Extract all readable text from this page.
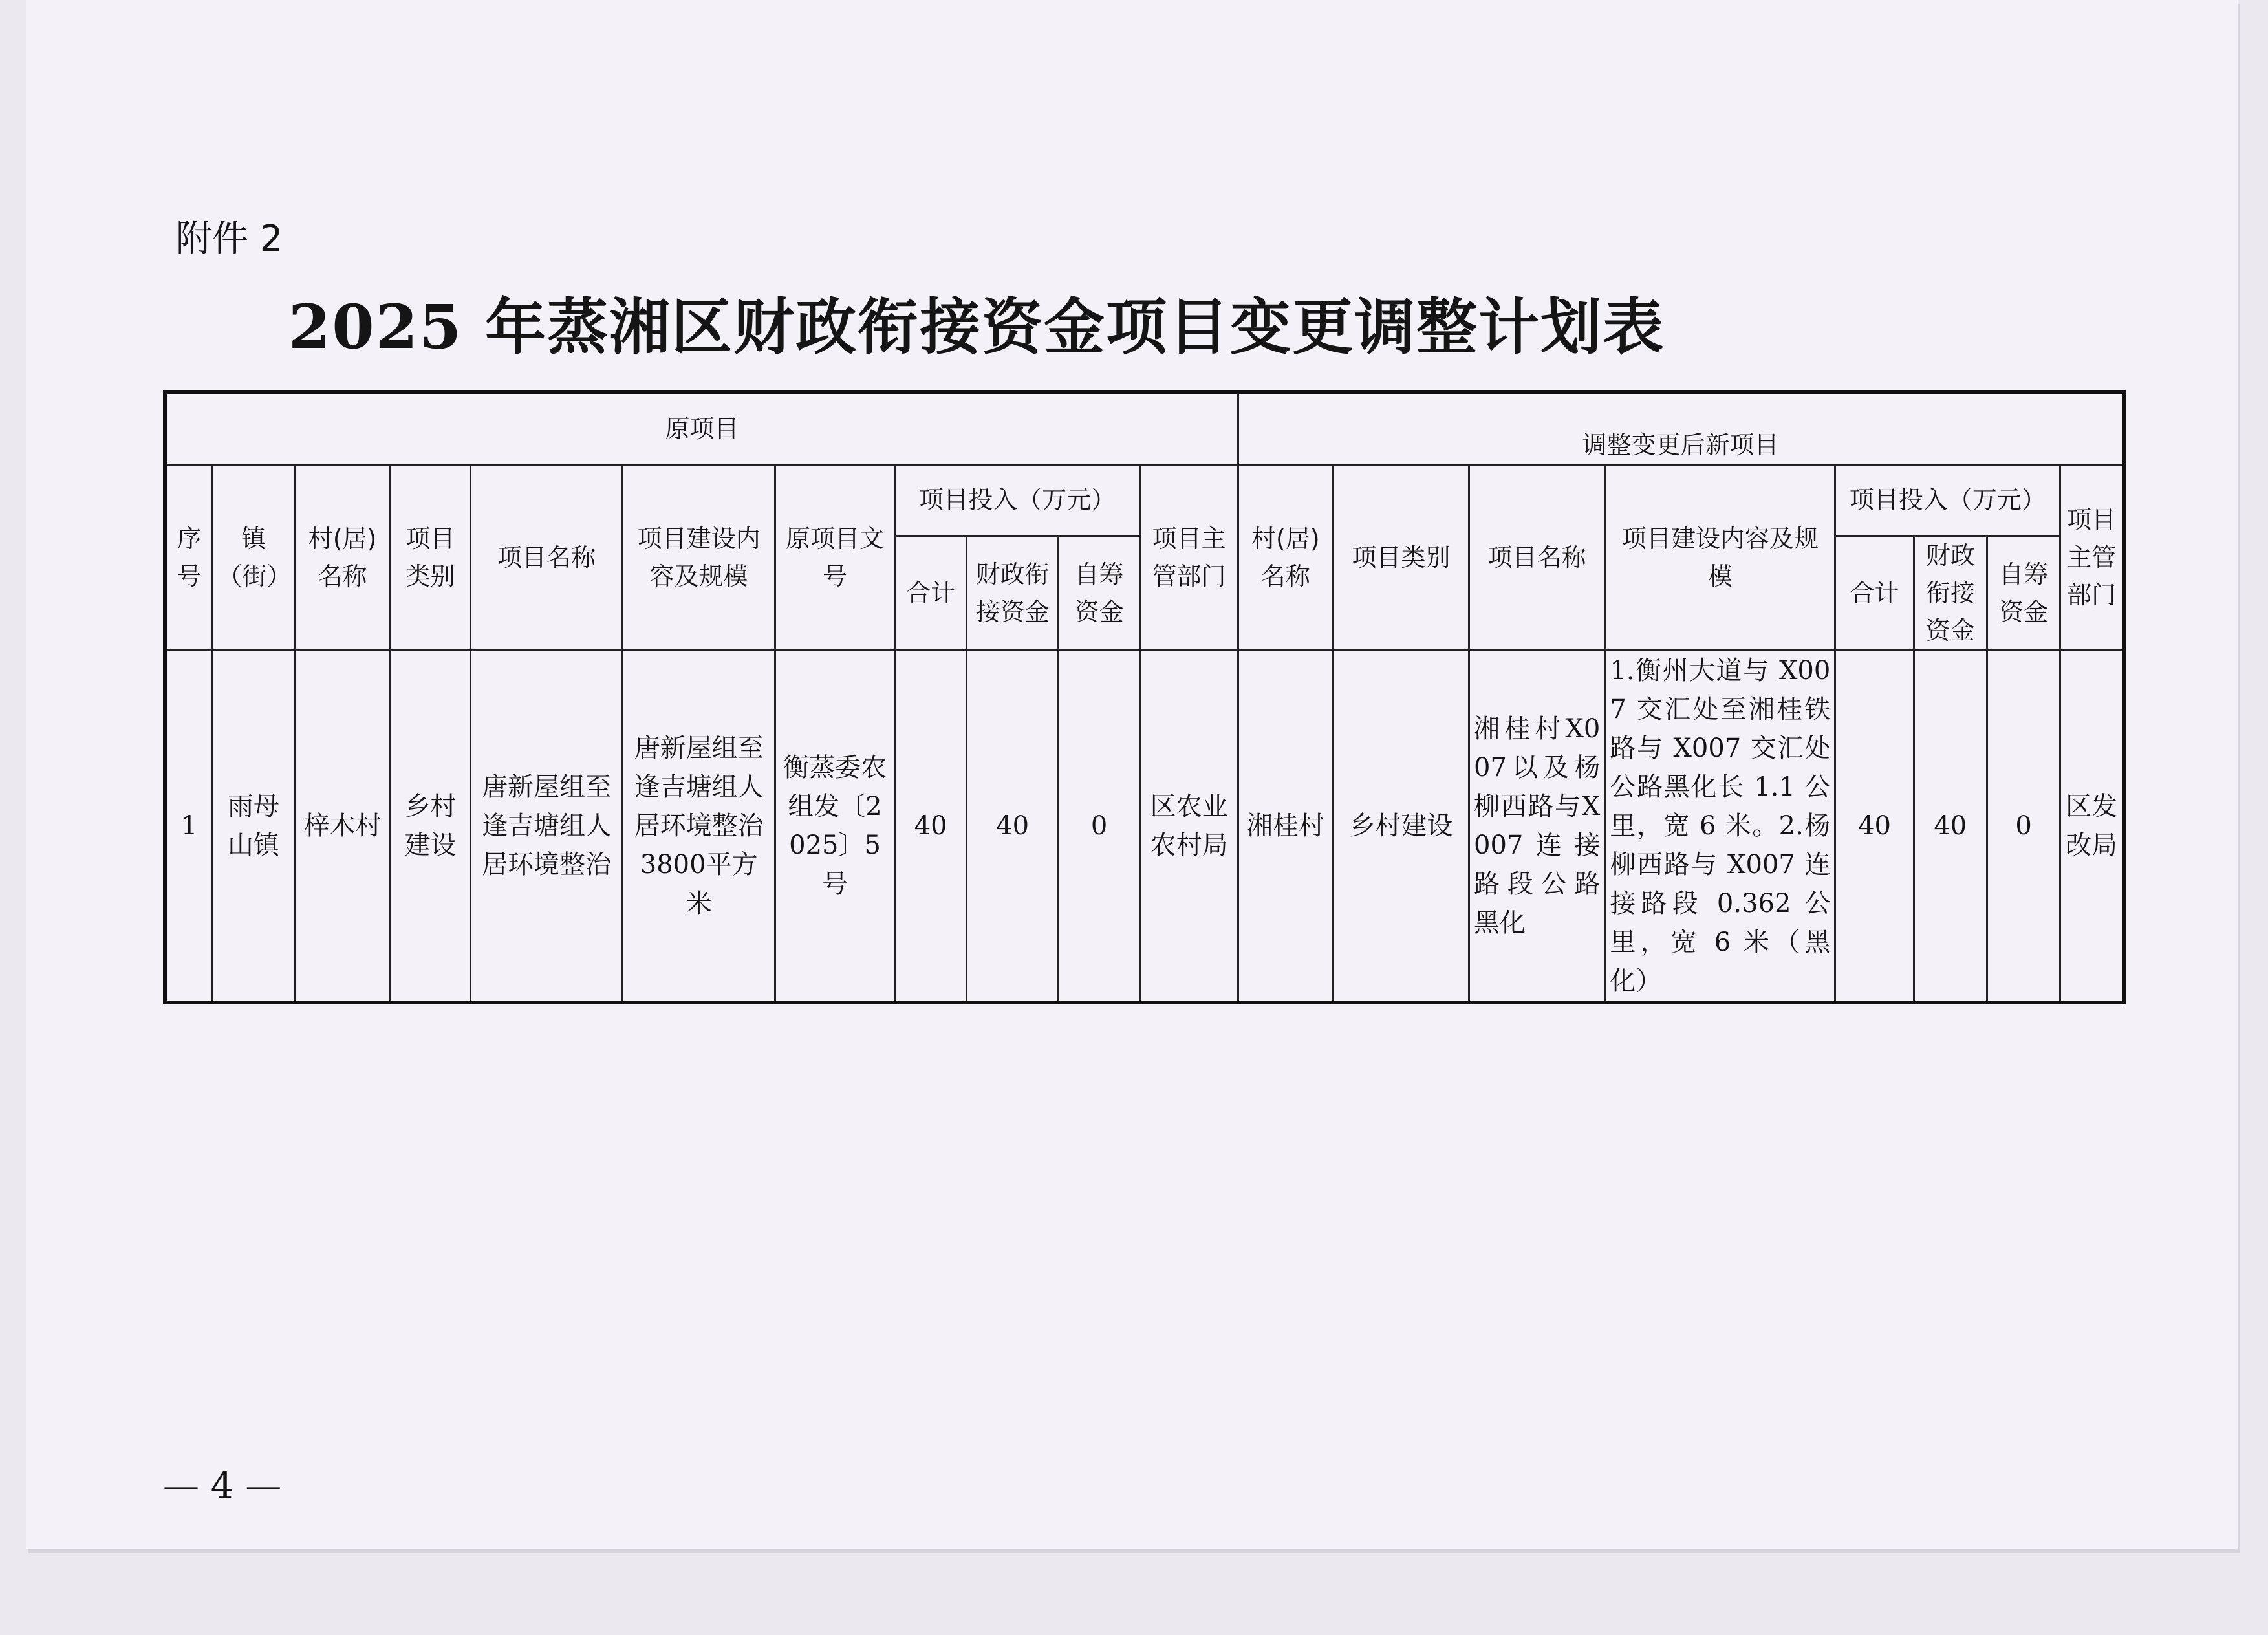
附件 2
2025 年蒸湘区财政衔接资金项目变更调整计划表
原项目											调整变更后新项目							
序号	镇（街）	村(居)名称	项目类别	项目名称	项目建设内容及规模	原项目文号	项目投入（万元）			项目主管部门	村(居)名称	项目类别	项目名称	项目建设内容及规模	项目投入（万元）			项目主管部门
							合计	财政衔接资金	自筹资金						合计	财政衔接资金	自筹资金	
1	雨母山镇	梓木村	乡村建设	唐新屋组至逢吉塘组人居环境整治	唐新屋组至逢吉塘组人居环境整治3800平方米	衡蒸委农组发〔2025〕5号	40	40	0	区农业农村局	湘桂村	乡村建设	湘桂村X007以及杨柳西路与X007连接路段公路黑化	1.衡州大道与 X007 交汇处至湘桂铁路与 X007 交汇处公路黑化长 1.1 公里，宽 6 米。2.杨柳西路与 X007 连接路段 0.362 公里，宽 6 米（黑化）	40	40	0	区发改局
— 4 —
